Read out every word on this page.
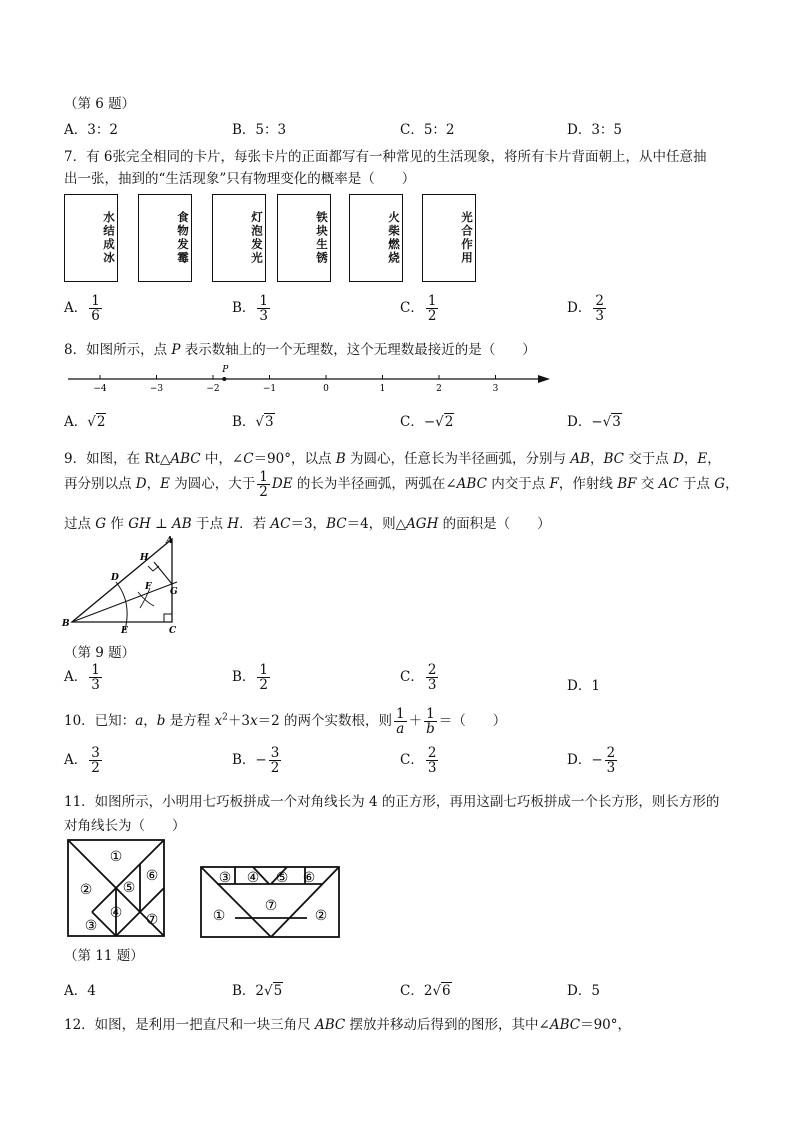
（第 6 题）
A．3：2	B．5：3	C．5：2	D．3：5
7．有 6张完全相同的卡片，每张卡片的正面都写有一种常见的生活现象，将所有卡片背面朝上，从中任意抽
出一张，抽到的“生活现象”只有物理变化的概率是（　　）
水结成冰	食物发霉	灯泡发光	铁块生锈	火柴燃烧	光合作用
A． $\frac{1}{6}$	B． $\frac{1}{3}$	C． $\frac{1}{2}$	D． $\frac{2}{3}$
8．如图所示，点 P 表示数轴上的一个无理数，这个无理数最接近的是（　　）
−4	−3	−2	−1	0	1	2	3
P
A．√2	B．√3	C．−√2	D．−√3
9．如图，在 Rt△ABC 中，∠C＝90°，以点 B 为圆心，任意长为半径画弧，分别与 AB，BC 交于点 D，E，
再分别以点 D，E 为圆心，大于 $\frac{1}{2}$ DE 的长为半径画弧，两弧在∠ABC 内交于点 F，作射线 BF 交 AC 于点 G，
过点 G 作 GH ⊥ AB 于点 H．若 AC＝3，BC＝4，则△AGH 的面积是（　　）
A
B
C
D
E
F G
H
（第 9 题）
A． $\frac{1}{3}$	B． $\frac{1}{2}$	C． $\frac{2}{3}$	D．1
10．已知：a，b 是方程 $x^2+3x=2$ 的两个实数根，则 $\frac{1}{a} + \frac{1}{b}$ ＝（　　）
A． $\frac{3}{2}$	B．− $\frac{3}{2}$	C． $\frac{2}{3}$	D．− $\frac{2}{3}$
11．如图所示，小明用七巧板拼成一个对角线长为 4 的正方形，再用这副七巧板拼成一个长方形，则长方形的
对角线长为（　　）
①
②
③
④
⑤
⑥
⑦
③ ④ ⑤ ⑥
①
⑦
②
（第 11 题）
A．4	B．2√5	C．2√6	D．5
12．如图，是利用一把直尺和一块三角尺 ABC 摆放并移动后得到的图形，其中∠ABC＝90°，
